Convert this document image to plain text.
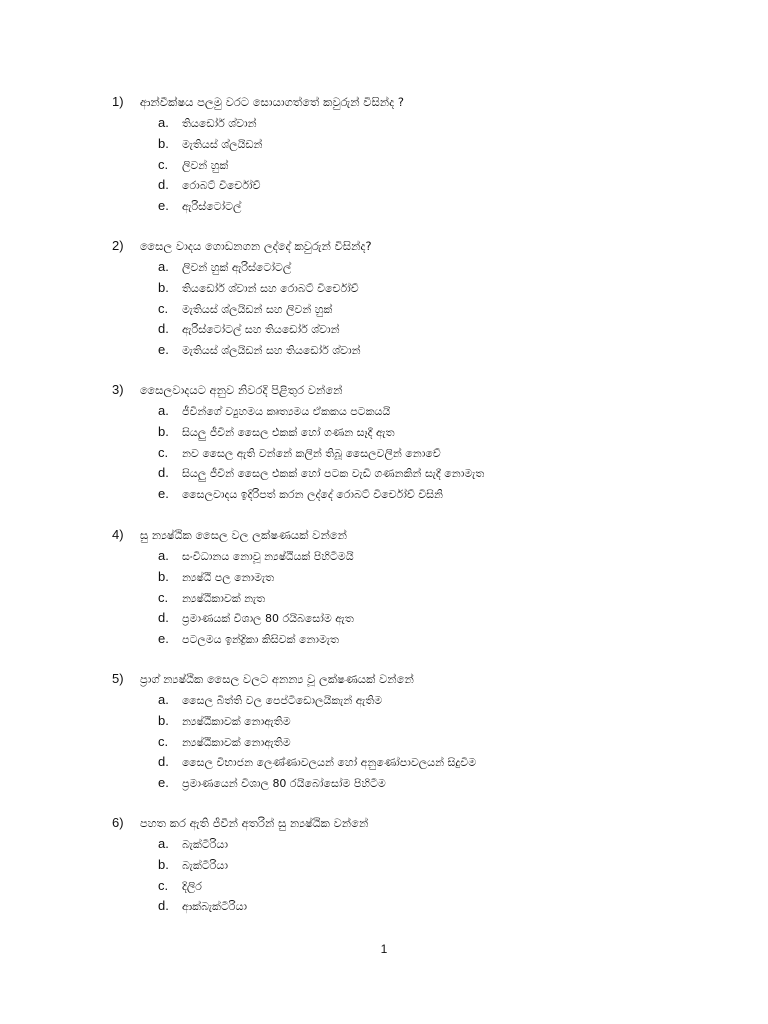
1) ආන්වීක්ෂය පලමු වරට සොයාගත්තේ කවුරුන් විසින්ද ?
a. තියඩෝර් ශ්වාන්
b. මැතියස් ශ්ලයිඩන්
c. ලිවන් හුක්
d. රොබට් විර්චෝව්
e. ඇරිස්ටෝටල්
2) සෛල වාදය ගොඩනගන ලද්දේ කවුරුන් විසින්ද?
a. ලිවන් හුක් ඇරිස්ටෝටල්
b. තියඩෝර් ශ්වාන් සහ රොබට් විර්චෝව්
c. මැතියස් ශ්ලයිඩන් සහ ලිවන් හුක්
d. ඇරිස්ටෝටල් සහ තියඩෝර් ශ්වාන්
e. මැතියස් ශ්ලයිඩන් සහ තියඩෝර් ශ්වාන්
3) සෛලවාදයට අනුව නිවරදි පිළිතුර වන්නේ
a. ජීවීන්ගේ ව්‍යුහමය කෘත්‍යමය ඒකකය පටකයයි
b. සියලු ජීවීන් සෛල එකක් හෝ ගණන සෑදී ඇත
c. නව සෛල ඇති වන්නේ කලින් තිබූ සෛලවලින් නොවේ
d. සියලු ජීවීන් සෛල එකක් හෝ පටක වැඩි ගණනකින් සැදී නොමැත
e. සෛලවාදය ඉදිරිපත් කරන ලද්දේ රොබට් විර්චෝව් විසිනි
4) සු න්‍යෂ්ඨික සෛල වල ලක්ෂණයක් වන්නේ
a. සංවිධානය නොවූ න්‍යෂ්ඨියක් පිහිටීමයි
b. න්‍යෂ්ඨි පල නොමැත
c. න්‍යෂ්ඨිකාවක් නැත
d. ප්‍රමාණයක් විශාල 80 රයිබසෝම ඇත
e. පටලමය ඉන්ද්‍රිකා කිසිවක් නොමැත
5) ප්‍රාග් න්‍යෂ්ඨික සෛල වලට අනන්‍ය වූ ලක්ෂණයක් වන්නේ
a. සෛල බිත්ති වල පෙප්ටිඩොලයිකැන් ඇතිම
b. න්‍යෂ්ඨිකාවක් නොඇතිම
c. න්‍යෂ්ඨිකාවක් නොඇතිම
d. සෛල විභාජන ලෙණ්ණාවලයන් හෝ අනුණෝපාවලයන් සිදුවීම
e. ප්‍රමාණයෙන් විශාල 80 රයිබෝසෝම පිහිටීම
6) පහත කර ඇති ජීවීන් අතරින් සු න්‍යෂ්ඨික වන්නේ
a. බැක්ටීරියා
b. බැක්ටීරියා
c. දිලිර
d. ආක්බැක්ටීරියා
1
